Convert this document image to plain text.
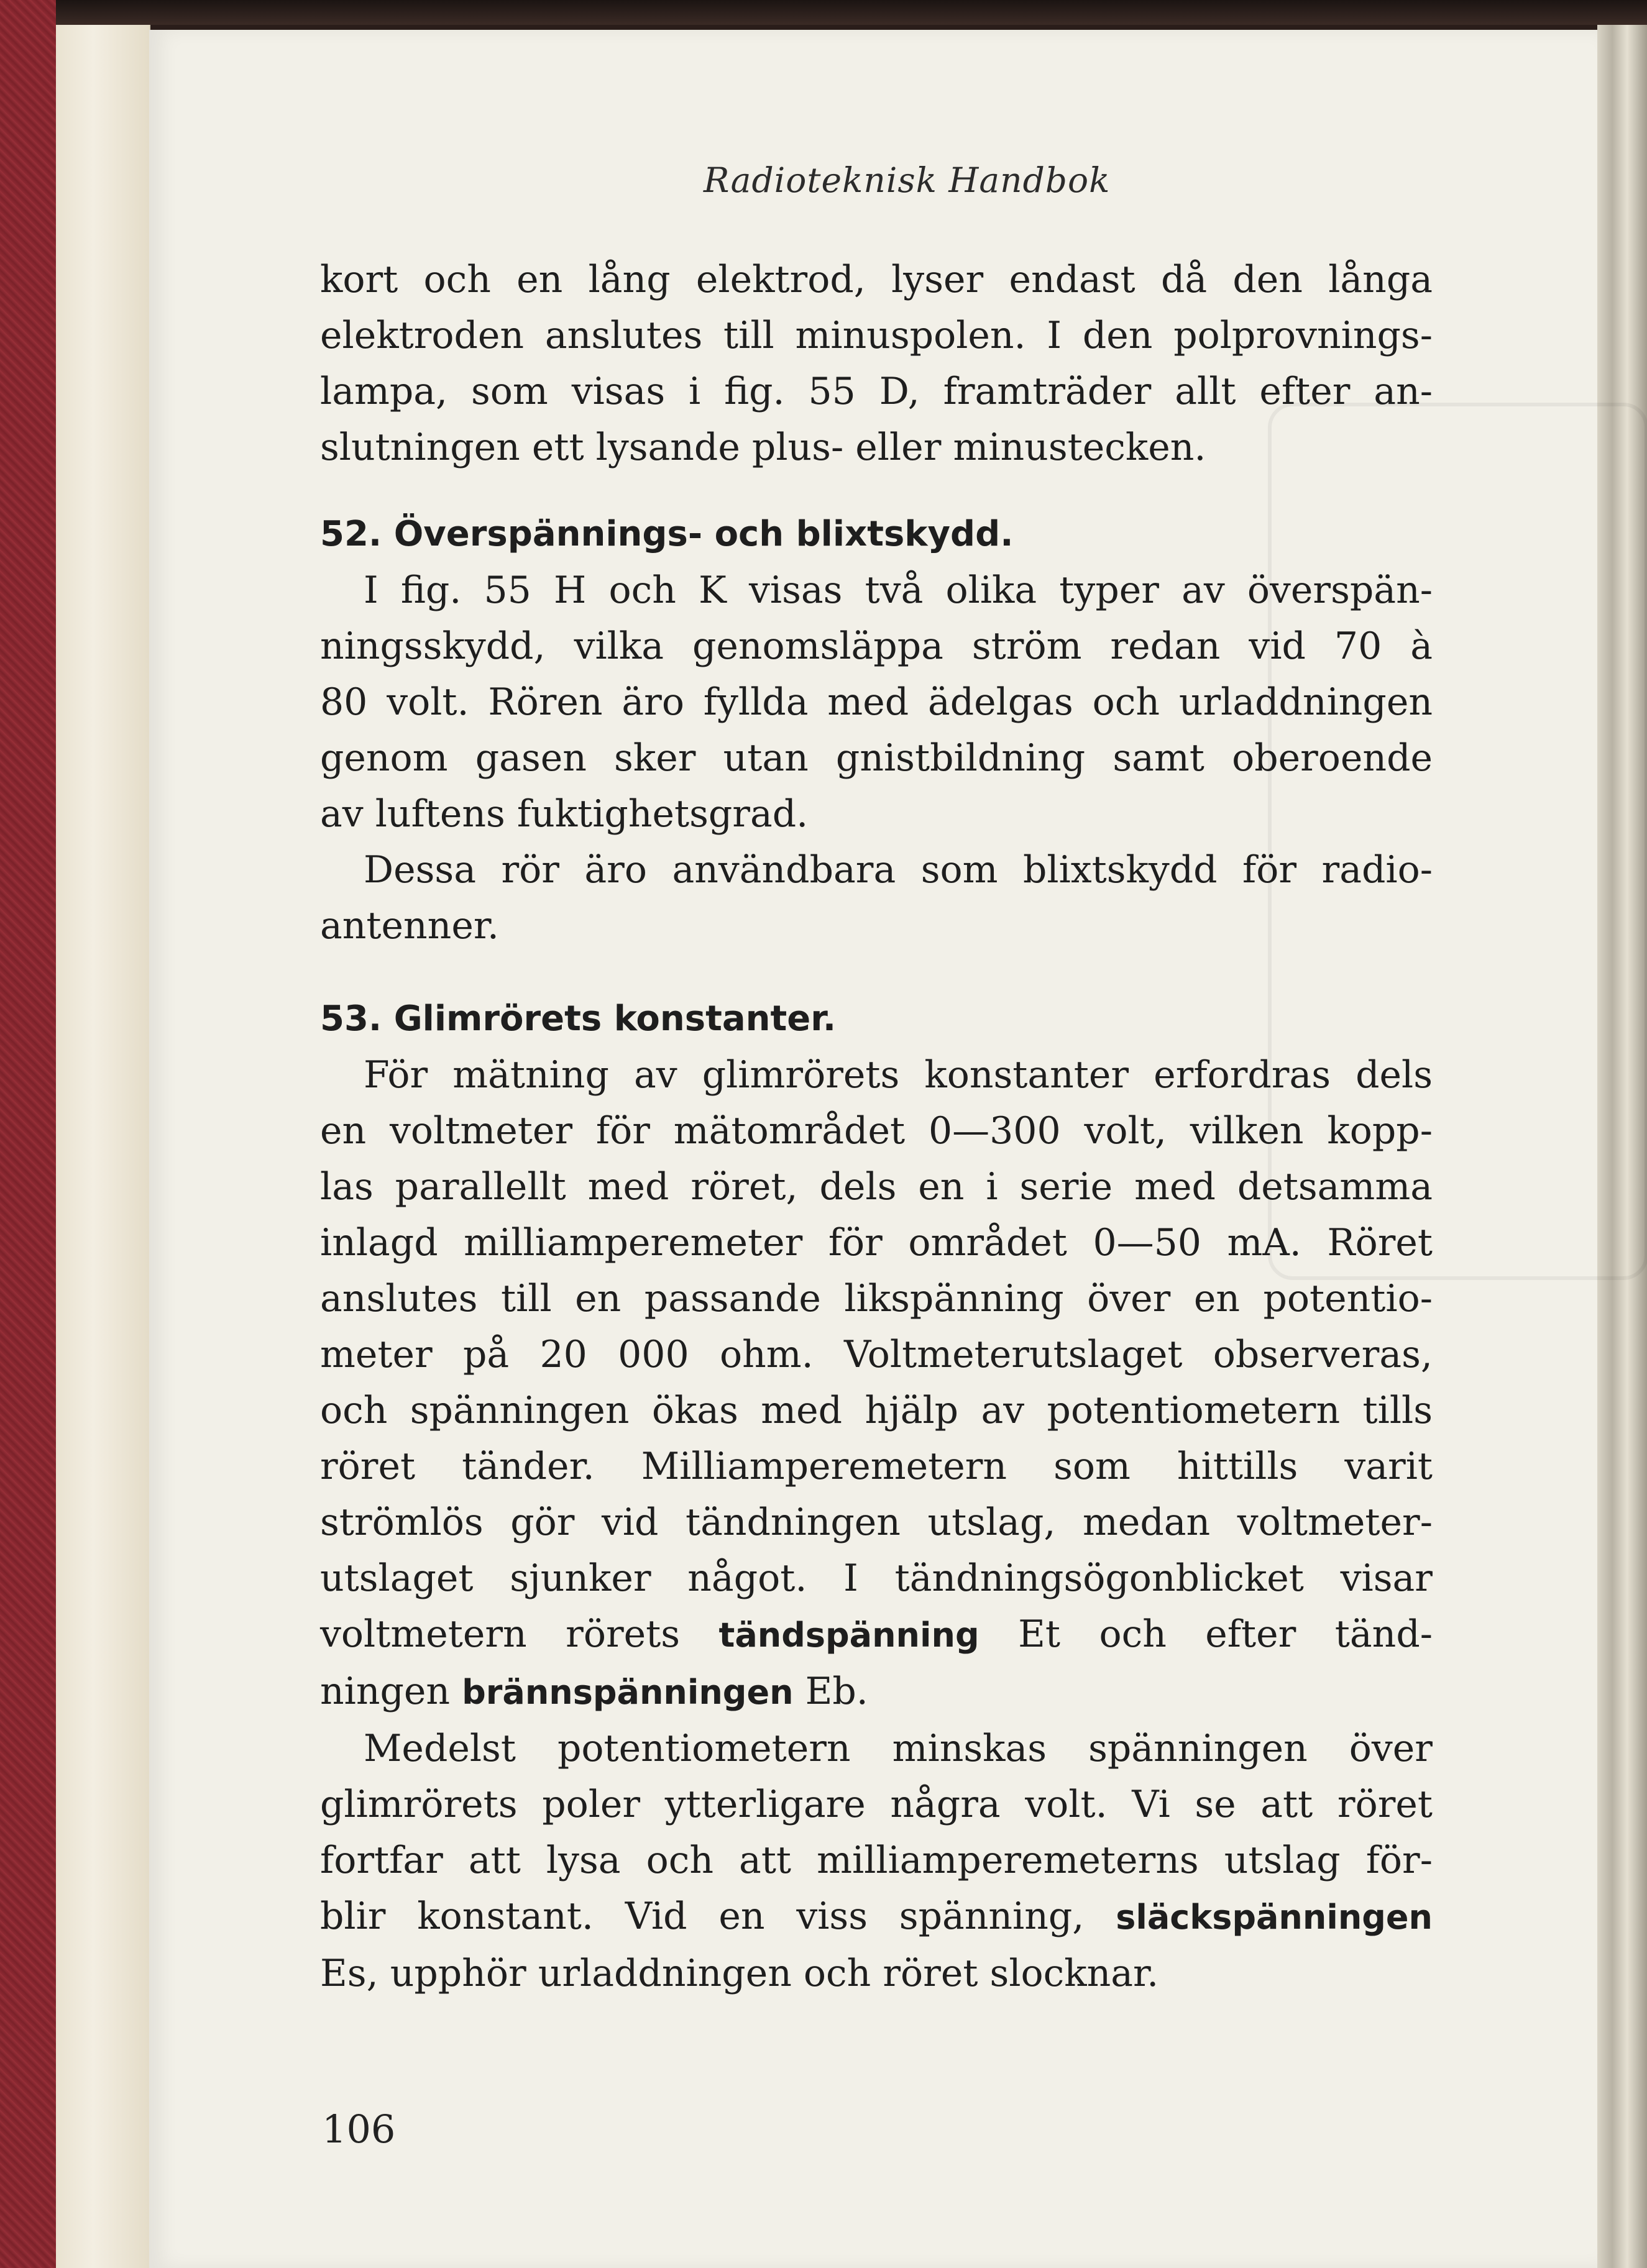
Radioteknisk Handbok
kort och en lång elektrod, lyser endast då den långa
elektroden anslutes till minuspolen. I den polprovnings-
lampa, som visas i fig. 55 D, framträder allt efter an-
slutningen ett lysande plus- eller minustecken.
52. Överspännings- och blixtskydd.
I fig. 55 H och K visas två olika typer av överspän-
ningsskydd, vilka genomsläppa ström redan vid 70 à
80 volt. Rören äro fyllda med ädelgas och urladdningen
genom gasen sker utan gnistbildning samt oberoende
av luftens fuktighetsgrad.
Dessa rör äro användbara som blixtskydd för radio-
antenner.
53. Glimrörets konstanter.
För mätning av glimrörets konstanter erfordras dels
en voltmeter för mätområdet 0—300 volt, vilken kopp-
las parallellt med röret, dels en i serie med detsamma
inlagd milliamperemeter för området 0—50 mA. Röret
anslutes till en passande likspänning över en potentio-
meter på 20 000 ohm. Voltmeterutslaget observeras,
och spänningen ökas med hjälp av potentiometern tills
röret tänder. Milliamperemetern som hittills varit
strömlös gör vid tändningen utslag, medan voltmeter-
utslaget sjunker något. I tändningsögonblicket visar
voltmetern rörets tändspänning Et och efter tänd-
ningen brännspänningen Eb.
Medelst potentiometern minskas spänningen över
glimrörets poler ytterligare några volt. Vi se att röret
fortfar att lysa och att milliamperemeterns utslag för-
blir konstant. Vid en viss spänning, släckspänningen
Es, upphör urladdningen och röret slocknar.
106
